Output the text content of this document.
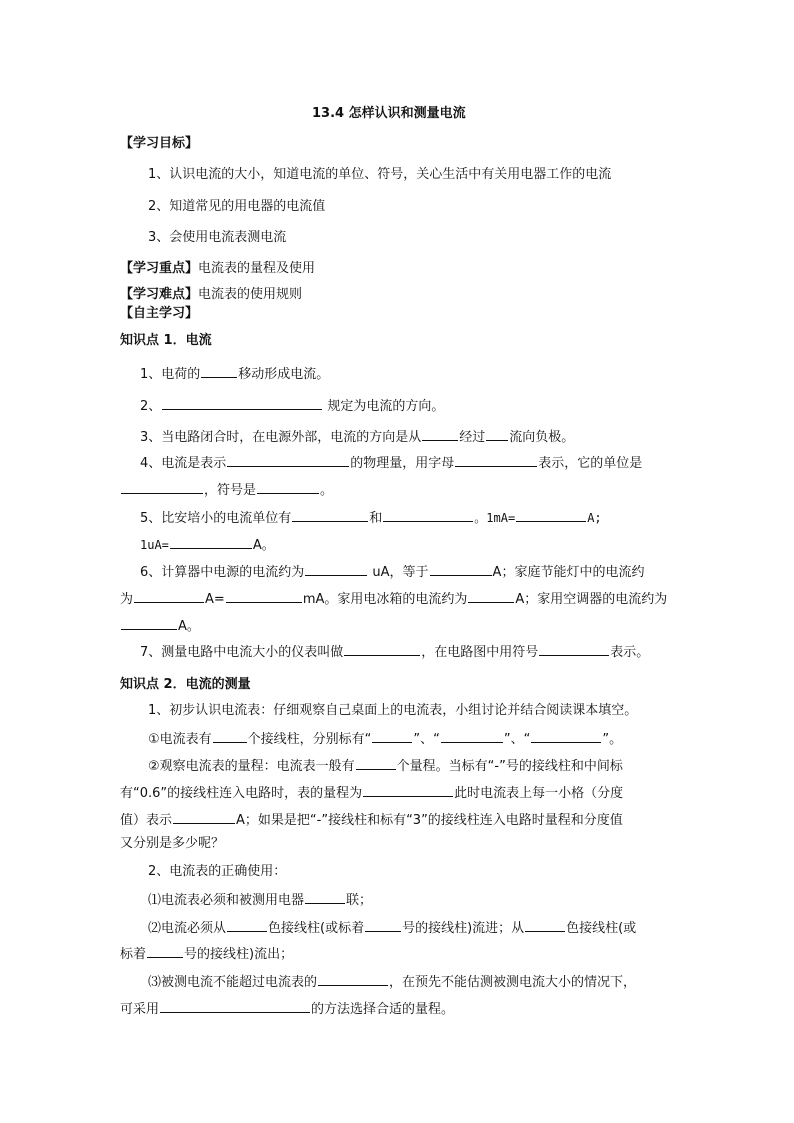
13.4 怎样认识和测量电流
【学习目标】
1、认识电流的大小，知道电流的单位、符号，关心生活中有关用电器工作的电流
2、知道常见的用电器的电流值
3、会使用电流表测电流
【学习重点】电流表的量程及使用
【学习难点】电流表的使用规则
【自主学习】
知识点 1．电流
1、电荷的	移动形成电流。
2、	规定为电流的方向。
3、当电路闭合时，在电源外部，电流的方向是从	经过 流向负极。
4、电流是表示	的物理量，用字母	表示，它的单位是
，符号是	。
5、比安培小的电流单位有	和	。1mA=	A;
1uA=	A。
6、计算器中电源的电流约为	uA，等于	A；家庭节能灯中的电流约
为	A=	mA。家用电冰箱的电流约为	A；家用空调器的电流约为
A。
7、测量电路中电流大小的仪表叫做	，在电路图中用符号	表示。
知识点 2．电流的测量
1、初步认识电流表：仔细观察自己桌面上的电流表，小组讨论并结合阅读课本填空。
①电流表有	个接线柱，分别标有“	”、“	”、“	”。
②观察电流表的量程：电流表一般有	个量程。当标有“-”号的接线柱和中间标
有“0.6”的接线柱连入电路时，表的量程为	此时电流表上每一小格（分度
值）表示	A；如果是把“-”接线柱和标有“3”的接线柱连入电路时量程和分度值
又分别是多少呢？
2、电流表的正确使用：
⑴电流表必须和被测用电器	联；
⑵电流必须从	色接线柱(或标着	号的接线柱)流进；从	色接线柱(或
标着	号的接线柱)流出；
⑶被测电流不能超过电流表的	，在预先不能估测被测电流大小的情况下，
可采用	的方法选择合适的量程。
